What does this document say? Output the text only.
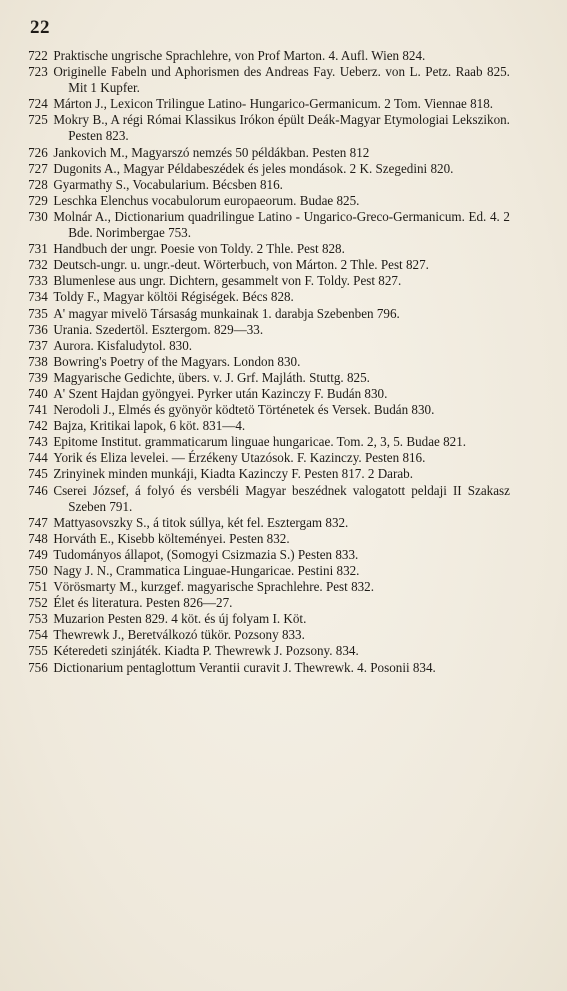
22
722 Praktische ungrische Sprachlehre, von Prof Marton. 4. Aufl. Wien 824.
723 Originelle Fabeln und Aphorismen des Andreas Fay. Ueberz. von L. Petz. Raab 825. Mit 1 Kupfer.
724 Márton J., Lexicon Trilingue Latino- Hungarico-Germanicum. 2 Tom. Viennae 818.
725 Mokry B., A régi Római Klassikus Irókon épült Deák-Magyar Etymologiai Lekszikon. Pesten 823.
726 Jankovich M., Magyarszó nemzés 50 példákban. Pesten 812
727 Dugonits A., Magyar Példabeszédek és jeles mondások. 2 K. Szegedini 820.
728 Gyarmathy S., Vocabularium. Bécsben 816.
729 Leschka Elenchus vocabulorum europaeorum. Budae 825.
730 Molnár A., Dictionarium quadrilingue Latino - Ungarico-Greco-Germanicum. Ed. 4. 2 Bde. Norimbergae 753.
731 Handbuch der ungr. Poesie von Toldy. 2 Thle. Pest 828.
732 Deutsch-ungr. u. ungr.-deut. Wörterbuch, von Márton. 2 Thle. Pest 827.
733 Blumenlese aus ungr. Dichtern, gesammelt von F. Toldy. Pest 827.
734 Toldy F., Magyar költöi Régiségek. Bécs 828.
735 A' magyar mivelö Társaság munkainak 1. darabja Szebenben 796.
736 Urania. Szedertöl. Esztergom. 829—33.
737 Aurora. Kisfaludytol. 830.
738 Bowring's Poetry of the Magyars. London 830.
739 Magyarische Gedichte, übers. v. J. Grf. Majláth. Stuttg. 825.
740 A' Szent Hajdan gyöngyei. Pyrker után Kazinczy F. Budán 830.
741 Nerodoli J., Elmés és gyönyör ködtetö Történetek és Versek. Budán 830.
742 Bajza, Kritikai lapok, 6 köt. 831—4.
743 Epitome Institut. grammaticarum linguae hungaricae. Tom. 2, 3, 5. Budae 821.
744 Yorik és Eliza levelei. — Érzékeny Utazósok. F. Kazinczy. Pesten 816.
745 Zrinyinek minden munkáji, Kiadta Kazinczy F. Pesten 817. 2 Darab.
746 Cserei József, á folyó és versbéli Magyar beszédnek valogatott peldaji II Szakasz Szeben 791.
747 Mattyasovszky S., á titok súllya, két fel. Esztergam 832.
748 Horváth E., Kisebb költeményei. Pesten 832.
749 Tudományos állapot, (Somogyi Csizmazia S.) Pesten 833.
750 Nagy J. N., Crammatica Linguae-Hungaricae. Pestini 832.
751 Vörösmarty M., kurzgef. magyarische Sprachlehre. Pest 832.
752 Élet és literatura. Pesten 826—27.
753 Muzarion Pesten 829. 4 köt. és új folyam I. Köt.
754 Thewrewk J., Beretválkozó tükör. Pozsony 833.
755 Kéteredeti szinjáték. Kiadta P. Thewrewk J. Pozsony. 834.
756 Dictionarium pentaglottum Verantii curavit J. Thewrewk. 4. Posonii 834.
